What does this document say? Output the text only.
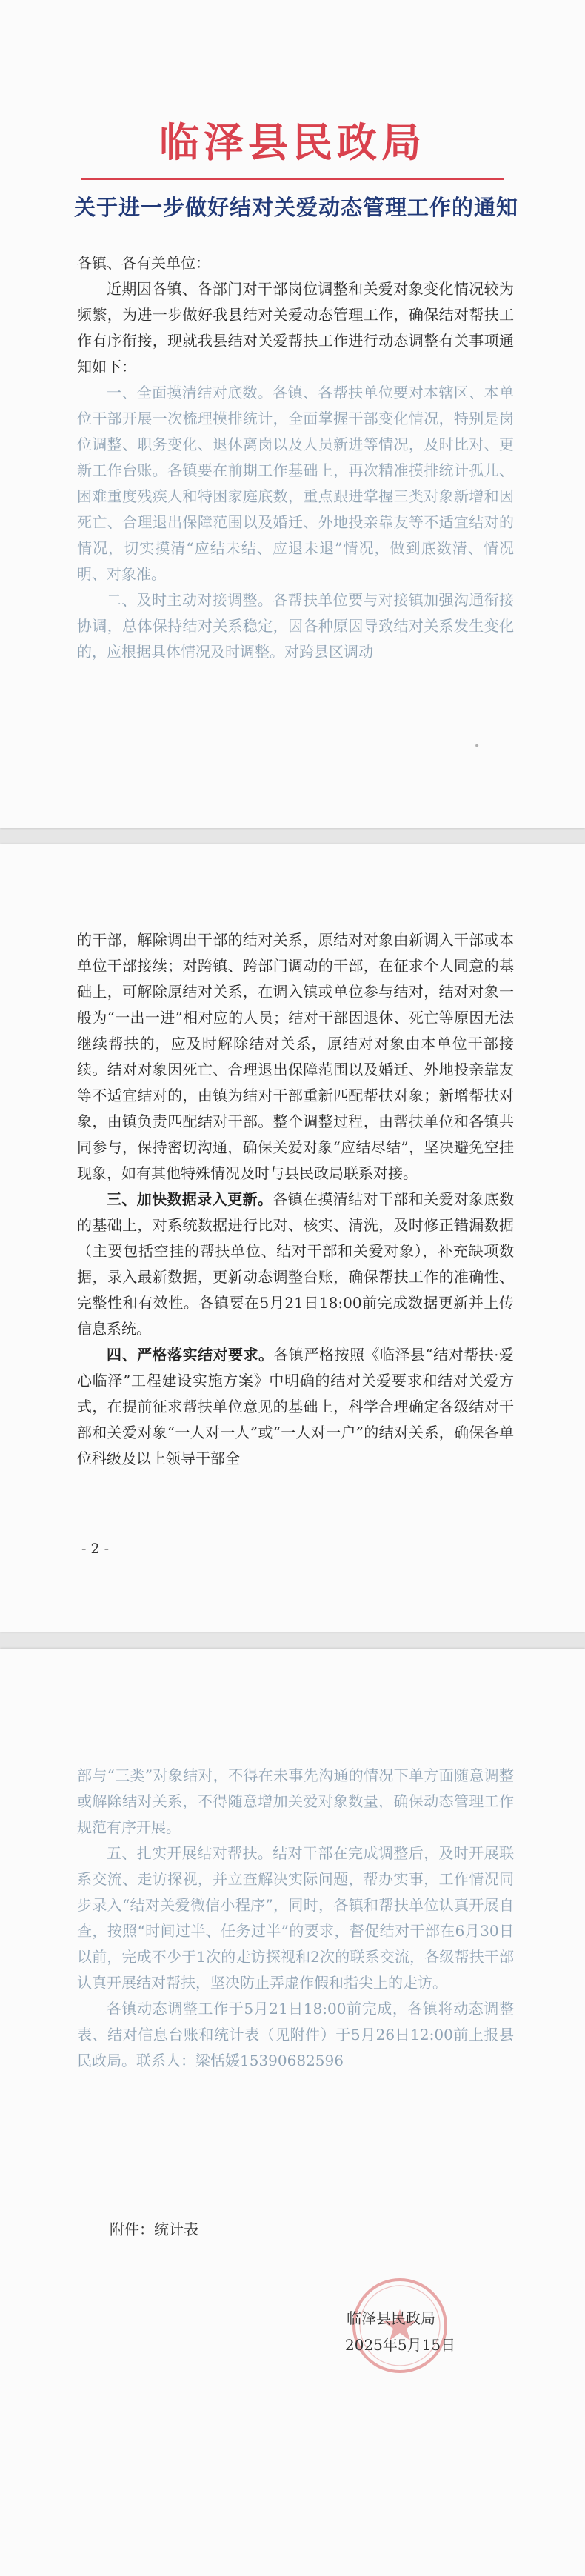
临泽县民政局
关于进一步做好结对关爱动态管理工作的通知
•

各镇、各有关单位：

近期因各镇、各部门对干部岗位调整和关爱对象变化情况较为频繁，为进一步做好我县结对关爱动态管理工作，确保结对帮扶工作有序衔接，现就我县结对关爱帮扶工作进行动态调整有关事项通知如下：

一、全面摸清结对底数。各镇、各帮扶单位要对本辖区、本单位干部开展一次梳理摸排统计，全面掌握干部变化情况，特别是岗位调整、职务变化、退休离岗以及人员新进等情况，及时比对、更新工作台账。各镇要在前期工作基础上，再次精准摸排统计孤儿、困难重度残疾人和特困家庭底数，重点跟进掌握三类对象新增和因死亡、合理退出保障范围以及婚迁、外地投亲靠友等不适宜结对的情况，切实摸清“应结未结、应退未退”情况，做到底数清、情况明、对象准。

二、及时主动对接调整。各帮扶单位要与对接镇加强沟通衔接协调，总体保持结对关系稳定，因各种原因导致结对关系发生变化的，应根据具体情况及时调整。对跨县区调动

的干部，解除调出干部的结对关系，原结对对象由新调入干部或本单位干部接续；对跨镇、跨部门调动的干部，在征求个人同意的基础上，可解除原结对关系，在调入镇或单位参与结对，结对对象一般为“一出一进”相对应的人员；结对干部因退休、死亡等原因无法继续帮扶的，应及时解除结对关系，原结对对象由本单位干部接续。结对对象因死亡、合理退出保障范围以及婚迁、外地投亲靠友等不适宜结对的，由镇为结对干部重新匹配帮扶对象；新增帮扶对象，由镇负责匹配结对干部。整个调整过程，由帮扶单位和各镇共同参与，保持密切沟通，确保关爱对象“应结尽结”，坚决避免空挂现象，如有其他特殊情况及时与县民政局联系对接。

三、加快数据录入更新。各镇在摸清结对干部和关爱对象底数的基础上，对系统数据进行比对、核实、清洗，及时修正错漏数据（主要包括空挂的帮扶单位、结对干部和关爱对象），补充缺项数据，录入最新数据，更新动态调整台账，确保帮扶工作的准确性、完整性和有效性。各镇要在5月21日18:00前完成数据更新并上传信息系统。

四、严格落实结对要求。各镇严格按照《临泽县“结对帮扶·爱心临泽”工程建设实施方案》中明确的结对关爱要求和结对关爱方式，在提前征求帮扶单位意见的基础上，科学合理确定各级结对干部和关爱对象“一人对一人”或“一人对一户”的结对关系，确保各单位科级及以上领导干部全

- 2 -

部与“三类”对象结对，不得在未事先沟通的情况下单方面随意调整或解除结对关系，不得随意增加关爱对象数量，确保动态管理工作规范有序开展。

五、扎实开展结对帮扶。结对干部在完成调整后，及时开展联系交流、走访探视，并立查解决实际问题，帮办实事，工作情况同步录入“结对关爱微信小程序”，同时，各镇和帮扶单位认真开展自查，按照“时间过半、任务过半”的要求，督促结对干部在6月30日以前，完成不少于1次的走访探视和2次的联系交流，各级帮扶干部认真开展结对帮扶，坚决防止弄虚作假和指尖上的走访。

各镇动态调整工作于5月21日18:00前完成，各镇将动态调整表、结对信息台账和统计表（见附件）于5月26日12:00前上报县民政局。联系人：梁恬媛15390682596

附件：统计表
临泽县民政局
2025年5月15日
